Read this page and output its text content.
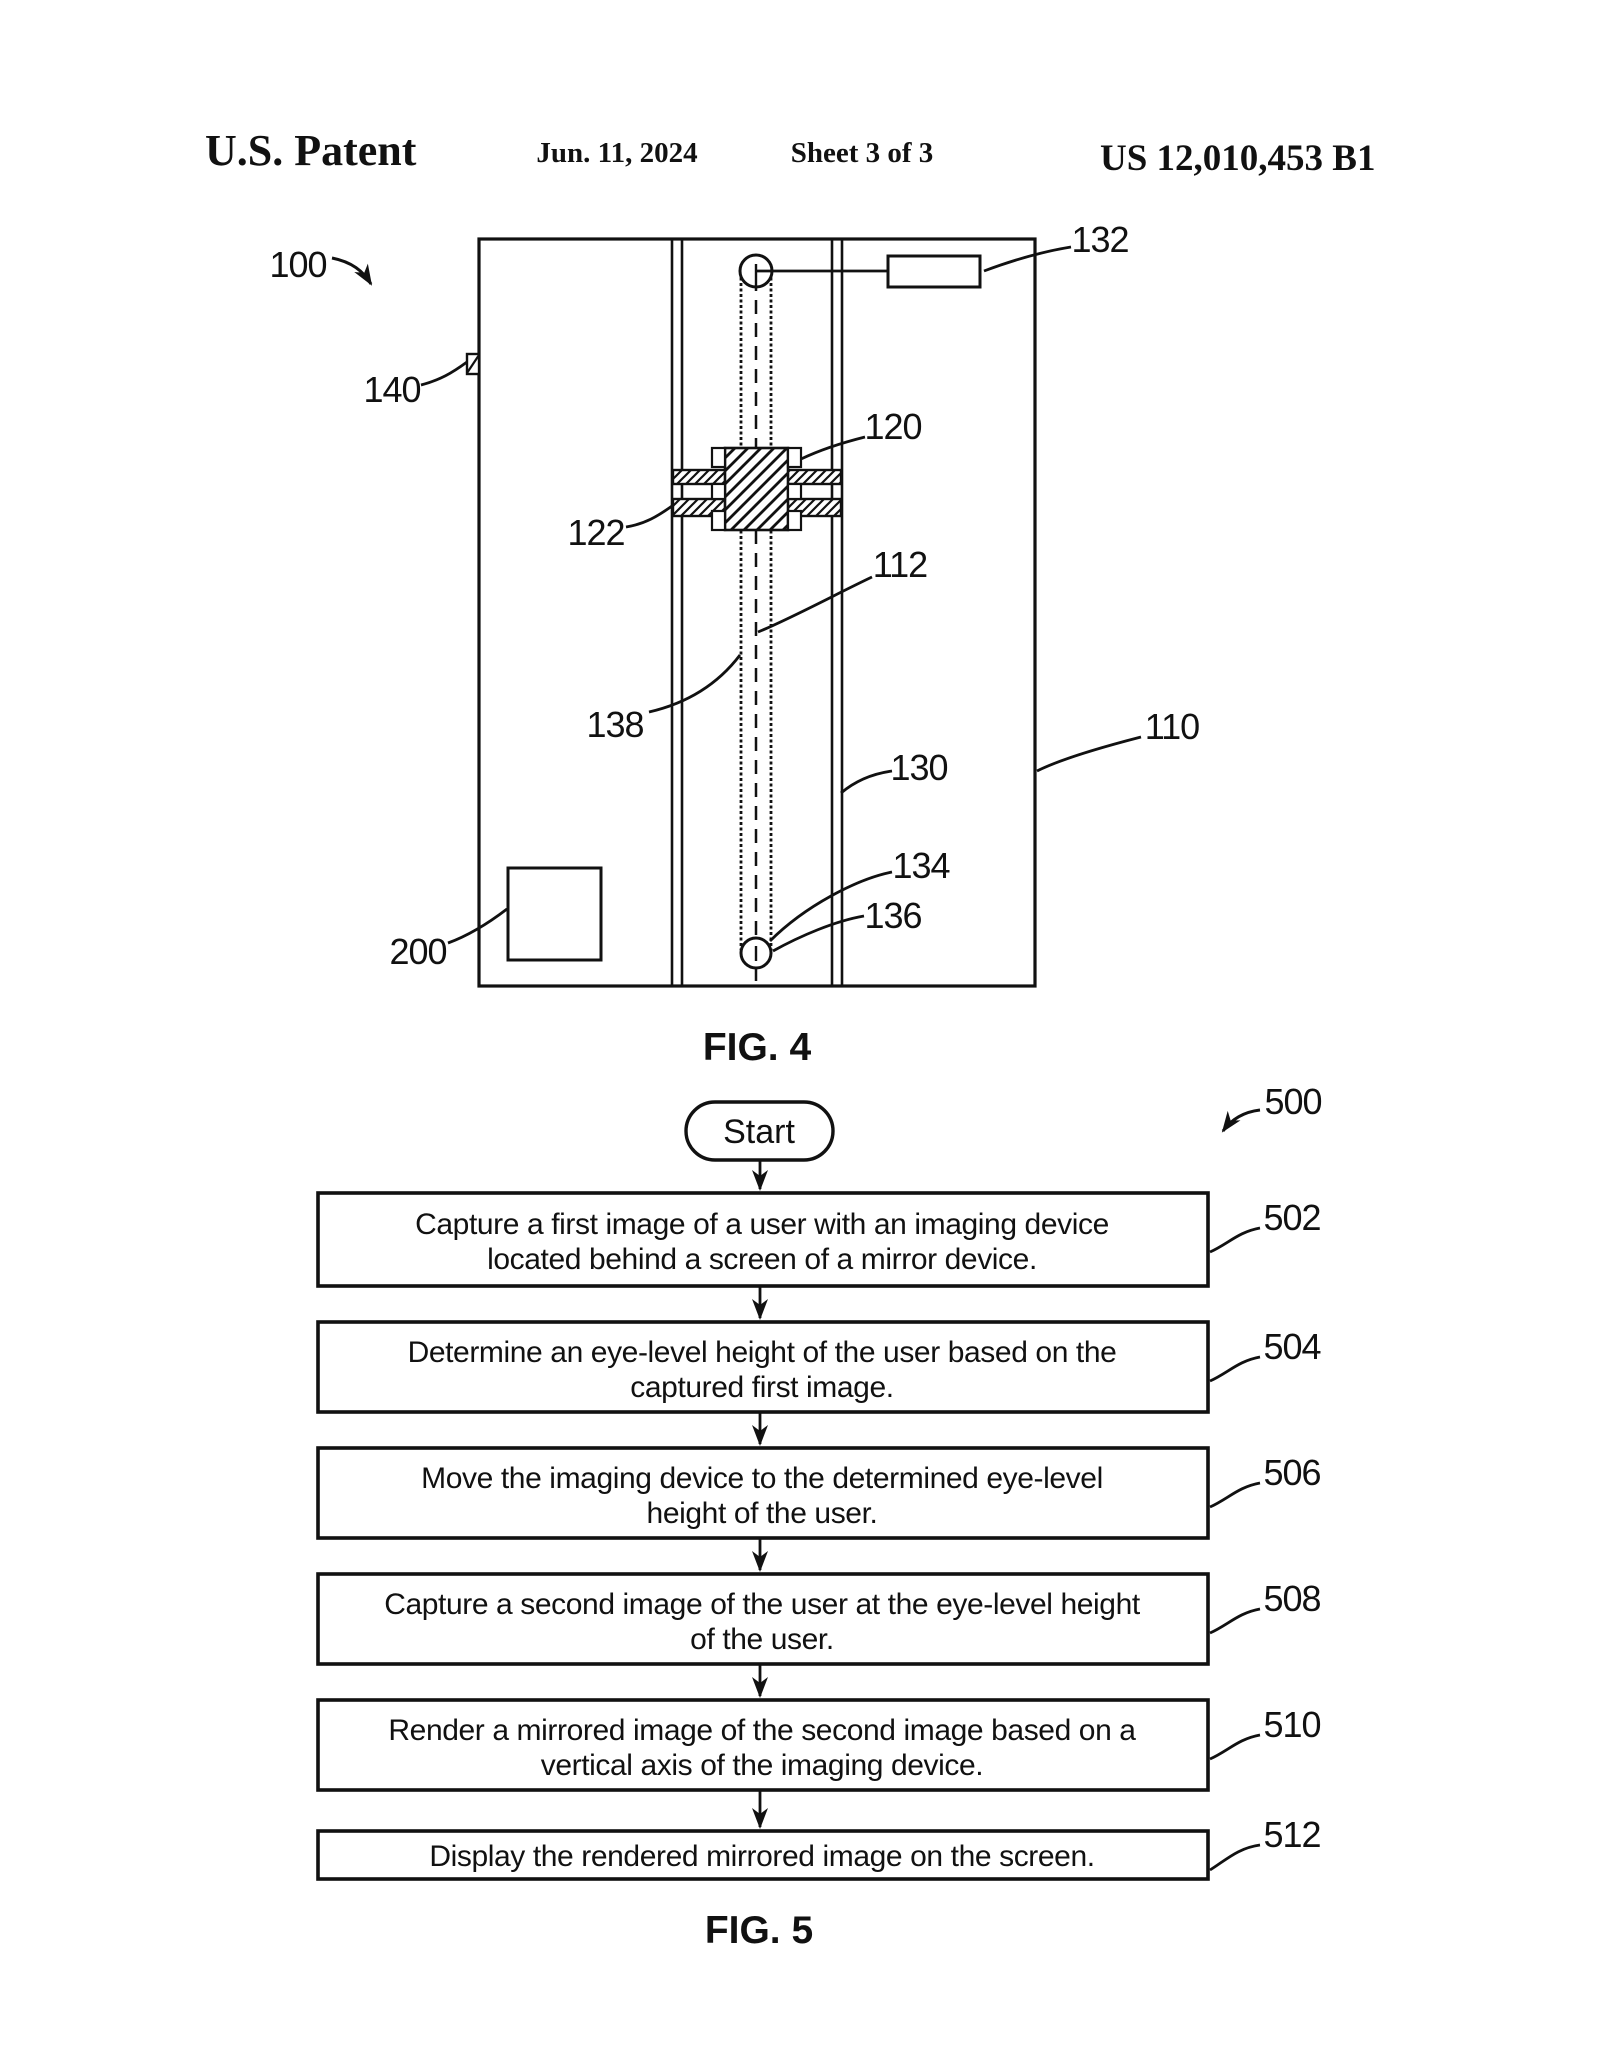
U.S. Patent	Jun. 11, 2024	Sheet 3 of 3	US 12,010,453 B1
100
140
122
138
200
132
120
112
110
130
134
136
FIG. 4
500
Start
Capture a first image of a user with an imaging device
located behind a screen of a mirror device.
502
Determine an eye-level height of the user based on the
captured first image.
504
Move the imaging device to the determined eye-level
height of the user.
506
Capture a second image of the user at the eye-level height
of the user.
508
Render a mirrored image of the second image based on a
vertical axis of the imaging device.
510
Display the rendered mirrored image on the screen.
512
FIG. 5
